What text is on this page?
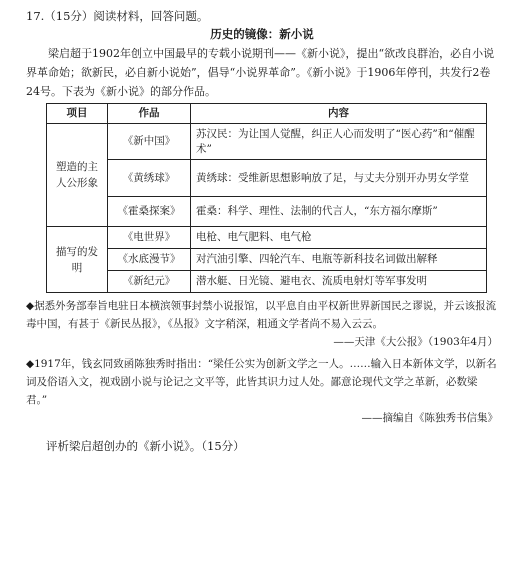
17.（15分）阅读材料，回答问题。

历史的镜像：新小说

梁启超于1902年创立中国最早的专载小说期刊——《新小说》，提出“欲改良群治，必自小说界革命始；欲新民，必自新小说始”，倡导“小说界革命”。《新小说》于1906年停刊，共发行2卷24号。下表为《新小说》的部分作品。

项目	作品	内容
塑造的主人公形象	《新中国》	苏汉民：为让国人觉醒，纠正人心而发明了“医心药”和“催醒术”
	《黄绣球》	黄绣球：受维新思想影响放了足，与丈夫分别开办男女学堂
	《霍桑探案》	霍桑：科学、理性、法制的代言人，“东方福尔摩斯”
描写的发明	《电世界》	电枪、电气肥料、电气枪
	《水底漫节》	对汽油引擎、四轮汽车、电瓶等新科技名词做出解释
	《新纪元》	潜水艇、日光镜、避电衣、流质电射灯等军事发明

◆据悉外务部奉旨电驻日本横滨领事封禁小说报馆，以平息自由平权新世界新国民之谬说，并云该报流毒中国，有甚于《新民丛报》，《丛报》文字稍深，粗通文学者尚不易入云云。

——天津《大公报》（1903年4月）

◆1917年，钱玄同致函陈独秀时指出：“梁任公实为创新文学之一人。……输入日本新体文学，以新名词及俗语入文，视戏剧小说与论记之文平等，此皆其识力过人处。鄙意论现代文学之革新，必数梁君。”

——摘编自《陈独秀书信集》

评析梁启超创办的《新小说》。（15分）
